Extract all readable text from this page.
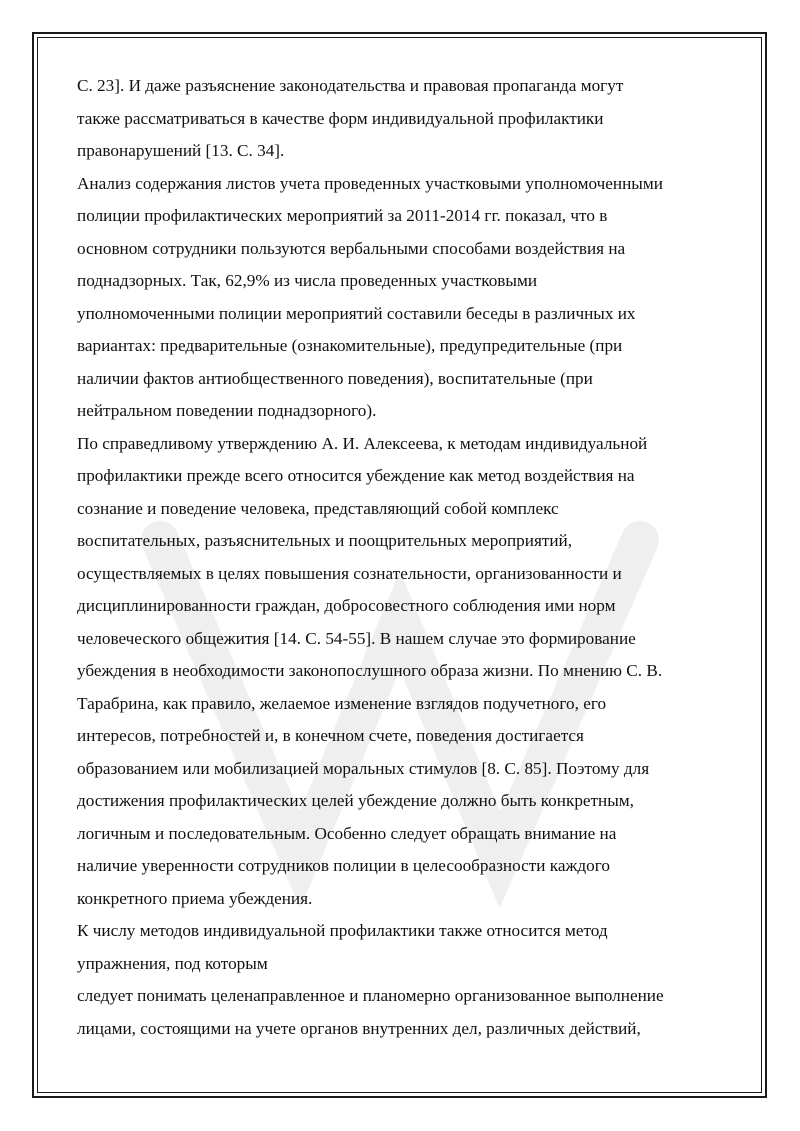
С. 23]. И даже разъяснение законодательства и правовая пропаганда могут
также рассматриваться в качестве форм индивидуальной профилактики
правонарушений [13. С. 34].
Анализ содержания листов учета проведенных участковыми уполномоченными
полиции профилактических мероприятий за 2011-2014 гг. показал, что в
основном сотрудники пользуются вербальными способами воздействия на
поднадзорных. Так, 62,9% из числа проведенных участковыми
уполномоченными полиции мероприятий составили беседы в различных их
вариантах: предварительные (ознакомительные), предупредительные (при
наличии фактов антиобщественного поведения), воспитательные (при
нейтральном поведении поднадзорного).
По справедливому утверждению А. И. Алексеева, к методам индивидуальной
профилактики прежде всего относится убеждение как метод воздействия на
сознание и поведение человека, представляющий собой комплекс
воспитательных, разъяснительных и поощрительных мероприятий,
осуществляемых в целях повышения сознательности, организованности и
дисциплинированности граждан, добросовестного соблюдения ими норм
человеческого общежития [14. С. 54-55]. В нашем случае это формирование
убеждения в необходимости законопослушного образа жизни. По мнению С. В.
Тарабрина, как правило, желаемое изменение взглядов подучетного, его
интересов, потребностей и, в конечном счете, поведения достигается
образованием или мобилизацией моральных стимулов [8. С. 85]. Поэтому для
достижения профилактических целей убеждение должно быть конкретным,
логичным и последовательным. Особенно следует обращать внимание на
наличие уверенности сотрудников полиции в целесообразности каждого
конкретного приема убеждения.
К числу методов индивидуальной профилактики также относится метод
упражнения, под которым
следует понимать целенаправленное и планомерно организованное выполнение
лицами, состоящими на учете органов внутренних дел, различных действий,
